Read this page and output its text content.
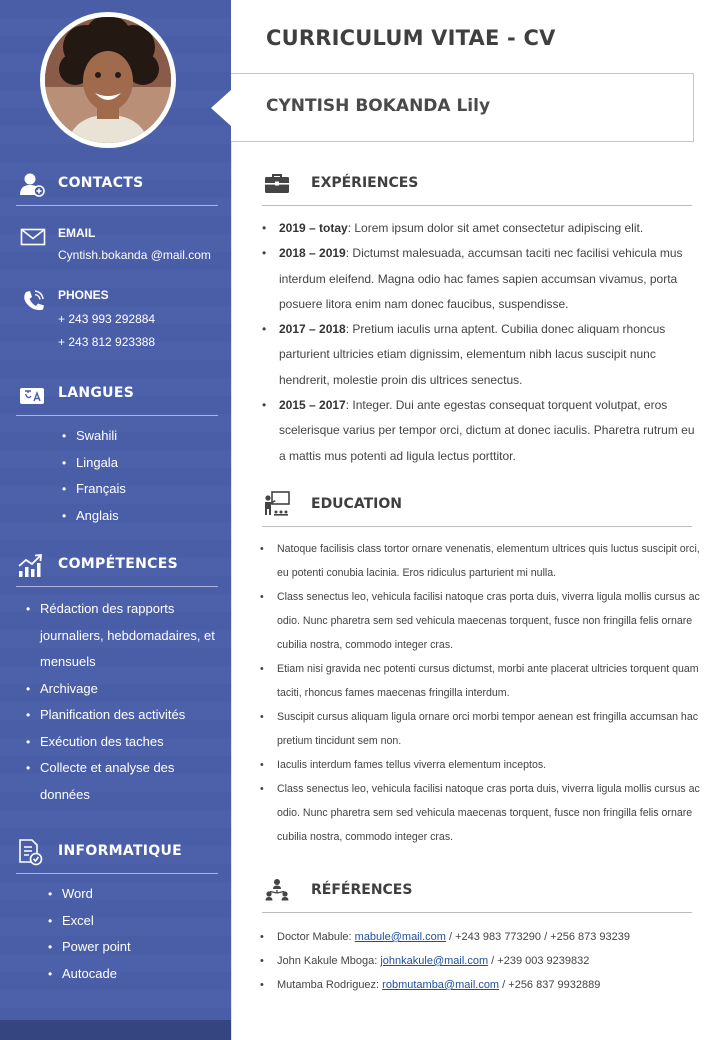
CONTACTS
EMAIL
Cyntish.bokanda @mail.com
PHONES
+ 243 993 292884
+ 243 812 923388
LANGUES
• Swahili
• Lingala
• Français
• Anglais
COMPÉTENCES
• Rédaction des rapports journaliers, hebdomadaires, et mensuels
• Archivage
• Planification des activités
• Exécution des taches
• Collecte et analyse des données
INFORMATIQUE
• Word
• Excel
• Power point
• Autocade
CURRICULUM VITAE - CV
CYNTISH BOKANDA Lily
EXPÉRIENCES
• 2019 – totay: Lorem ipsum dolor sit amet consectetur adipiscing elit.
• 2018 – 2019: Dictumst malesuada, accumsan taciti nec facilisi vehicula mus interdum eleifend. Magna odio hac fames sapien accumsan vivamus, porta posuere litora enim nam donec faucibus, suspendisse.
• 2017 – 2018: Pretium iaculis urna aptent. Cubilia donec aliquam rhoncus parturient ultricies etiam dignissim, elementum nibh lacus suscipit nunc hendrerit, molestie proin dis ultrices senectus.
• 2015 – 2017: Integer. Dui ante egestas consequat torquent volutpat, eros scelerisque varius per tempor orci, dictum at donec iaculis. Pharetra rutrum eu a mattis mus potenti ad ligula lectus porttitor.
EDUCATION
• Natoque facilisis class tortor ornare venenatis, elementum ultrices quis luctus suscipit orci, eu potenti conubia lacinia. Eros ridiculus parturient mi nulla.
• Class senectus leo, vehicula facilisi natoque cras porta duis, viverra ligula mollis cursus ac odio. Nunc pharetra sem sed vehicula maecenas torquent, fusce non fringilla felis ornare cubilia nostra, commodo integer cras.
• Etiam nisi gravida nec potenti cursus dictumst, morbi ante placerat ultricies torquent quam taciti, rhoncus fames maecenas fringilla interdum.
• Suscipit cursus aliquam ligula ornare orci morbi tempor aenean est fringilla accumsan hac pretium tincidunt sem non.
• Iaculis interdum fames tellus viverra elementum inceptos.
• Class senectus leo, vehicula facilisi natoque cras porta duis, viverra ligula mollis cursus ac odio. Nunc pharetra sem sed vehicula maecenas torquent, fusce non fringilla felis ornare cubilia nostra, commodo integer cras.
RÉFÉRENCES
• Doctor Mabule: mabule@mail.com / +243 983 773290 / +256 873 93239
• John Kakule Mboga: johnkakule@mail.com / +239 003 9239832
• Mutamba Rodriguez: robmutamba@mail.com / +256 837 9932889
